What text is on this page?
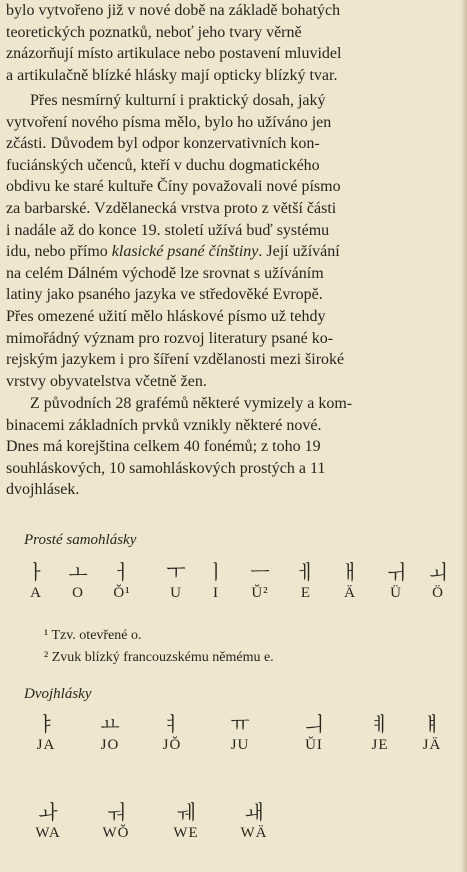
bylo vytvořeno již v nové době na základě bohatých
teoretických poznatků, neboť jeho tvary věrně
znázorňují místo artikulace nebo postavení mluvidel
a artikulačně blízké hlásky mají opticky blízký tvar.
Přes nesmírný kulturní i praktický dosah, jaký
vytvoření nového písma mělo, bylo ho užíváno jen
zčásti. Důvodem byl odpor konzervativních kon-
fuciánských učenců, kteří v duchu dogmatického
obdivu ke staré kultuře Číny považovali nové písmo
za barbarské. Vzdělanecká vrstva proto z větší části
i nadále až do konce 19. století užívá buď systému
idu, nebo přímo klasické psané čínštiny. Její užívání
na celém Dálném východě lze srovnat s užíváním
latiny jako psaného jazyka ve středověké Evropě.
Přes omezené užití mělo hláskové písmo už tehdy
mimořádný význam pro rozvoj literatury psané ko-
rejským jazykem i pro šíření vzdělanosti mezi široké
vrstvy obyvatelstva včetně žen.
Z původních 28 grafémů některé vymizely a kom-
binacemi základních prvků vznikly některé nové.
Dnes má korejština celkem 40 fonémů; z toho 19
souhláskových, 10 samohláskových prostých a 11
dvojhlásek.

Prosté samohlásky

ㅏ
A
ㅗ
O
ㅓ
Ŏ¹
ㅜ
U
ㅣ
I
ㅡ
Ŭ²
ㅔ
E
ㅐ
Ä
ㅟ
Ü
ㅚ
Ö

¹ Tzv. otevřené o.

² Zvuk blízký francouzskému němému e.

Dvojhlásky

ㅑ
JA
ㅛ
JO
ㅕ
JŎ
ㅠ
JU
ㅢ
ŬI
ㅖ
JE
ㅒ
JÄ
ㅘ
WA
ㅝ
WŎ
ㅞ
WE
ㅙ
WÄ
